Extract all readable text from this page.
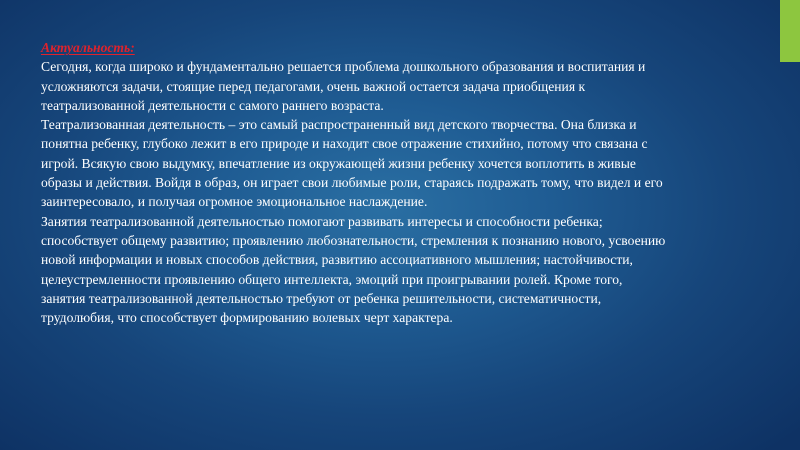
Актуальность:

Сегодня, когда широко и фундаментально решается проблема дошкольного образования и воспитания и усложняются задачи, стоящие перед педагогами, очень важной остается задача приобщения к театрализованной деятельности с самого раннего возраста.

Театрализованная деятельность – это самый распространенный вид детского творчества. Она близка и понятна ребенку, глубоко лежит в его природе и находит свое отражение стихийно, потому что связана с игрой. Всякую свою выдумку, впечатление из окружающей жизни ребенку хочется воплотить в живые образы и действия. Войдя в образ, он играет свои любимые роли, стараясь подражать тому, что видел и его заинтересовало, и получая огромное эмоциональное наслаждение.

Занятия театрализованной деятельностью помогают развивать интересы и способности ребенка; способствует общему развитию; проявлению любознательности, стремления к познанию нового, усвоению новой информации и новых способов действия, развитию ассоциативного мышления; настойчивости, целеустремленности проявлению общего интеллекта, эмоций при проигрывании ролей. Кроме того, занятия театрализованной деятельностью требуют от ребенка решительности, систематичности, трудолюбия, что способствует формированию волевых черт характера.
